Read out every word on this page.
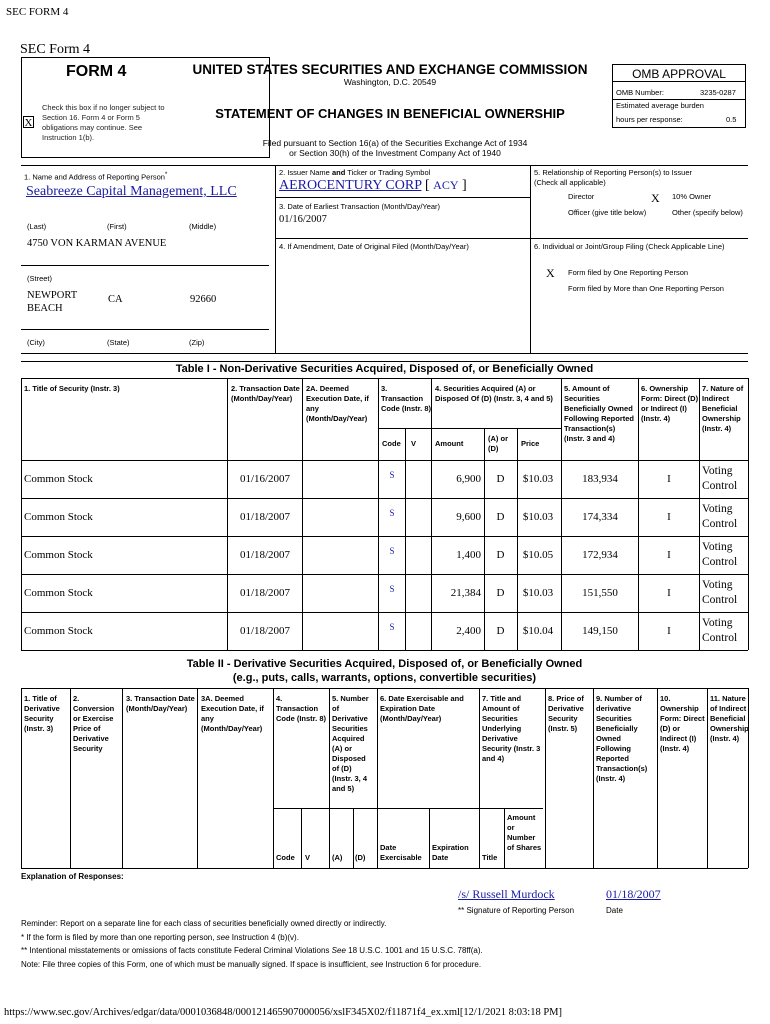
SEC FORM 4
SEC Form 4
FORM 4
X
Check this box if no longer subject to Section 16. Form 4 or Form 5 obligations may continue. See Instruction 1(b).
UNITED STATES SECURITIES AND EXCHANGE COMMISSION
Washington, D.C. 20549
STATEMENT OF CHANGES IN BENEFICIAL OWNERSHIP
Filed pursuant to Section 16(a) of the Securities Exchange Act of 1934
or Section 30(h) of the Investment Company Act of 1940
OMB APPROVAL
OMB Number:	3235-0287
Estimated average burden
hours per response:	0.5
1. Name and Address of Reporting Person*
Seabreeze Capital Management, LLC
(Last)	(First)	(Middle)
4750 VON KARMAN AVENUE
(Street)
NEWPORT BEACH
CA	92660
(City)	(State)	(Zip)
2. Issuer Name and Ticker or Trading Symbol
AEROCENTURY CORP [ ACY ]
3. Date of Earliest Transaction (Month/Day/Year)
01/16/2007
4. If Amendment, Date of Original Filed (Month/Day/Year)
5. Relationship of Reporting Person(s) to Issuer
(Check all applicable)
Director	X 10% Owner
Officer (give title below)	Other (specify below)
6. Individual or Joint/Group Filing (Check Applicable Line)
X Form filed by One Reporting Person
Form filed by More than One Reporting Person
Table I - Non-Derivative Securities Acquired, Disposed of, or Beneficially Owned
1. Title of Security (Instr. 3)	2. Transaction Date (Month/Day/Year)
2A. Deemed Execution Date, if any (Month/Day/Year)
3. Transaction Code (Instr. 8)
4. Securities Acquired (A) or Disposed Of (D) (Instr. 3, 4 and 5)
5. Amount of Securities Beneficially Owned Following Reported Transaction(s) (Instr. 3 and 4)
6. Ownership Form: Direct (D) or Indirect (I) (Instr. 4)
7. Nature of Indirect Beneficial Ownership (Instr. 4)
Code V	Amount
(A) or (D)
Price
Common Stock	01/16/2007	S	6,900	D	$10.03	183,934	I
Voting Control
Common Stock	01/18/2007	S	9,600	D	$10.03	174,334	I
Voting Control
Common Stock	01/18/2007	S	1,400	D	$10.05	172,934	I
Voting Control
Common Stock	01/18/2007	S	21,384	D	$10.03	151,550	I
Voting Control
Common Stock	01/18/2007	S	2,400	D	$10.04	149,150	I
Voting Control
Table II - Derivative Securities Acquired, Disposed of, or Beneficially Owned
(e.g., puts, calls, warrants, options, convertible securities)
1. Title of Derivative Security (Instr. 3)
2. Conversion or Exercise Price of Derivative Security
3. Transaction Date (Month/Day/Year)
3A. Deemed Execution Date, if any (Month/Day/Year)
4. Transaction Code (Instr. 8)
5. Number of Derivative Securities Acquired (A) or Disposed of (D) (Instr. 3, 4 and 5)
6. Date Exercisable and Expiration Date (Month/Day/Year)
7. Title and Amount of Securities Underlying Derivative Security (Instr. 3 and 4)
8. Price of Derivative Security (Instr. 5)
9. Number of derivative Securities Beneficially Owned Following Reported Transaction(s) (Instr. 4)
10. Ownership Form: Direct (D) or Indirect (I) (Instr. 4)
11. Nature of Indirect Beneficial Ownership (Instr. 4)
Code V	(A) (D)
Date Exercisable
Expiration Date	Title
Amount or Number of Shares
Explanation of Responses:
/s/ Russell Murdock	01/18/2007
** Signature of Reporting Person	Date
Reminder: Report on a separate line for each class of securities beneficially owned directly or indirectly.
* If the form is filed by more than one reporting person, see Instruction 4 (b)(v).
** Intentional misstatements or omissions of facts constitute Federal Criminal Violations See 18 U.S.C. 1001 and 15 U.S.C. 78ff(a).
Note: File three copies of this Form, one of which must be manually signed. If space is insufficient, see Instruction 6 for procedure.
https://www.sec.gov/Archives/edgar/data/0001036848/000121465907000056/xslF345X02/f11871f4_ex.xml[12/1/2021 8:03:18 PM]
